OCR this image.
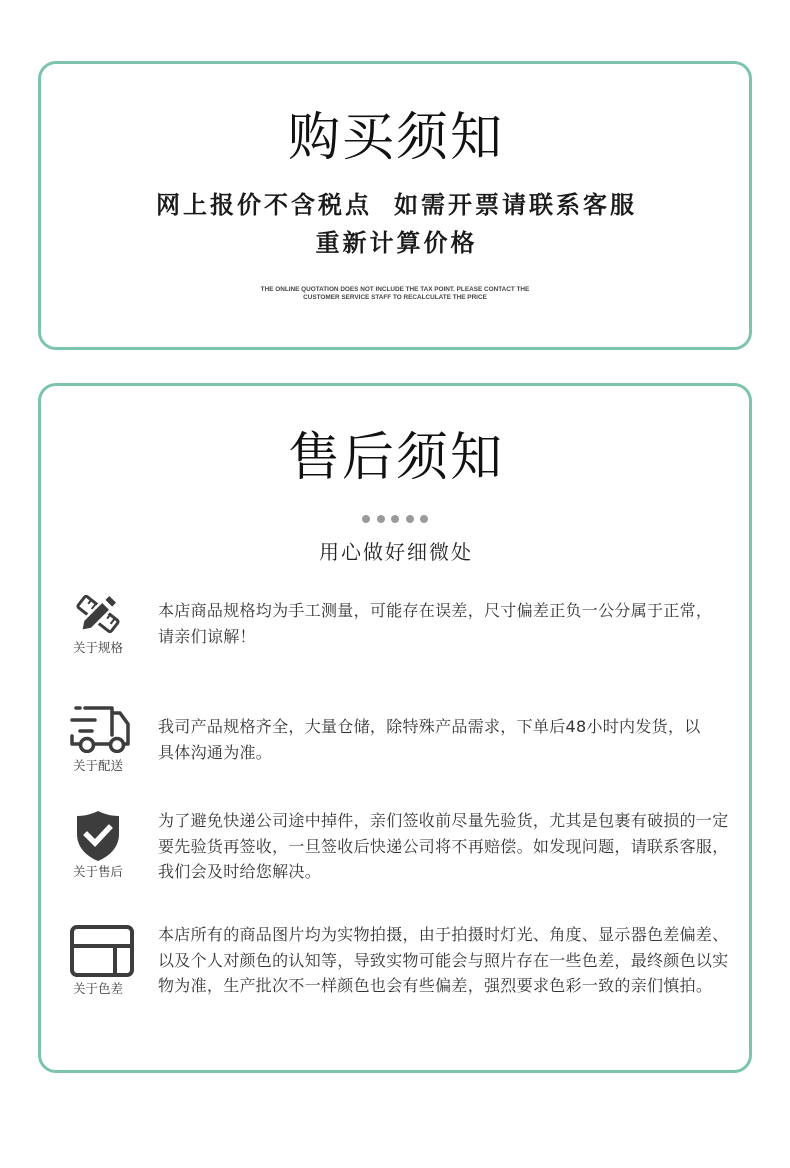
购买须知
网上报价不含税点 如需开票请联系客服
重新计算价格
THE ONLINE QUOTATION DOES NOT INCLUDE THE TAX POINT. PLEASE CONTACT THE
CUSTOMER SERVICE STAFF TO RECALCULATE THE PRICE
售后须知
用心做好细微处
关于规格
本店商品规格均为手工测量，可能存在误差，尺寸偏差正负一公分属于正常，
请亲们谅解！
关于配送
我司产品规格齐全，大量仓储，除特殊产品需求，下单后48小时内发货，以
具体沟通为准。
关于售后
为了避免快递公司途中掉件，亲们签收前尽量先验货，尤其是包裹有破损的一定
要先验货再签收，一旦签收后快递公司将不再赔偿。如发现问题，请联系客服，
我们会及时给您解决。
关于色差
本店所有的商品图片均为实物拍摄，由于拍摄时灯光、角度、显示器色差偏差、
以及个人对颜色的认知等，导致实物可能会与照片存在一些色差，最终颜色以实
物为准，生产批次不一样颜色也会有些偏差，强烈要求色彩一致的亲们慎拍。
